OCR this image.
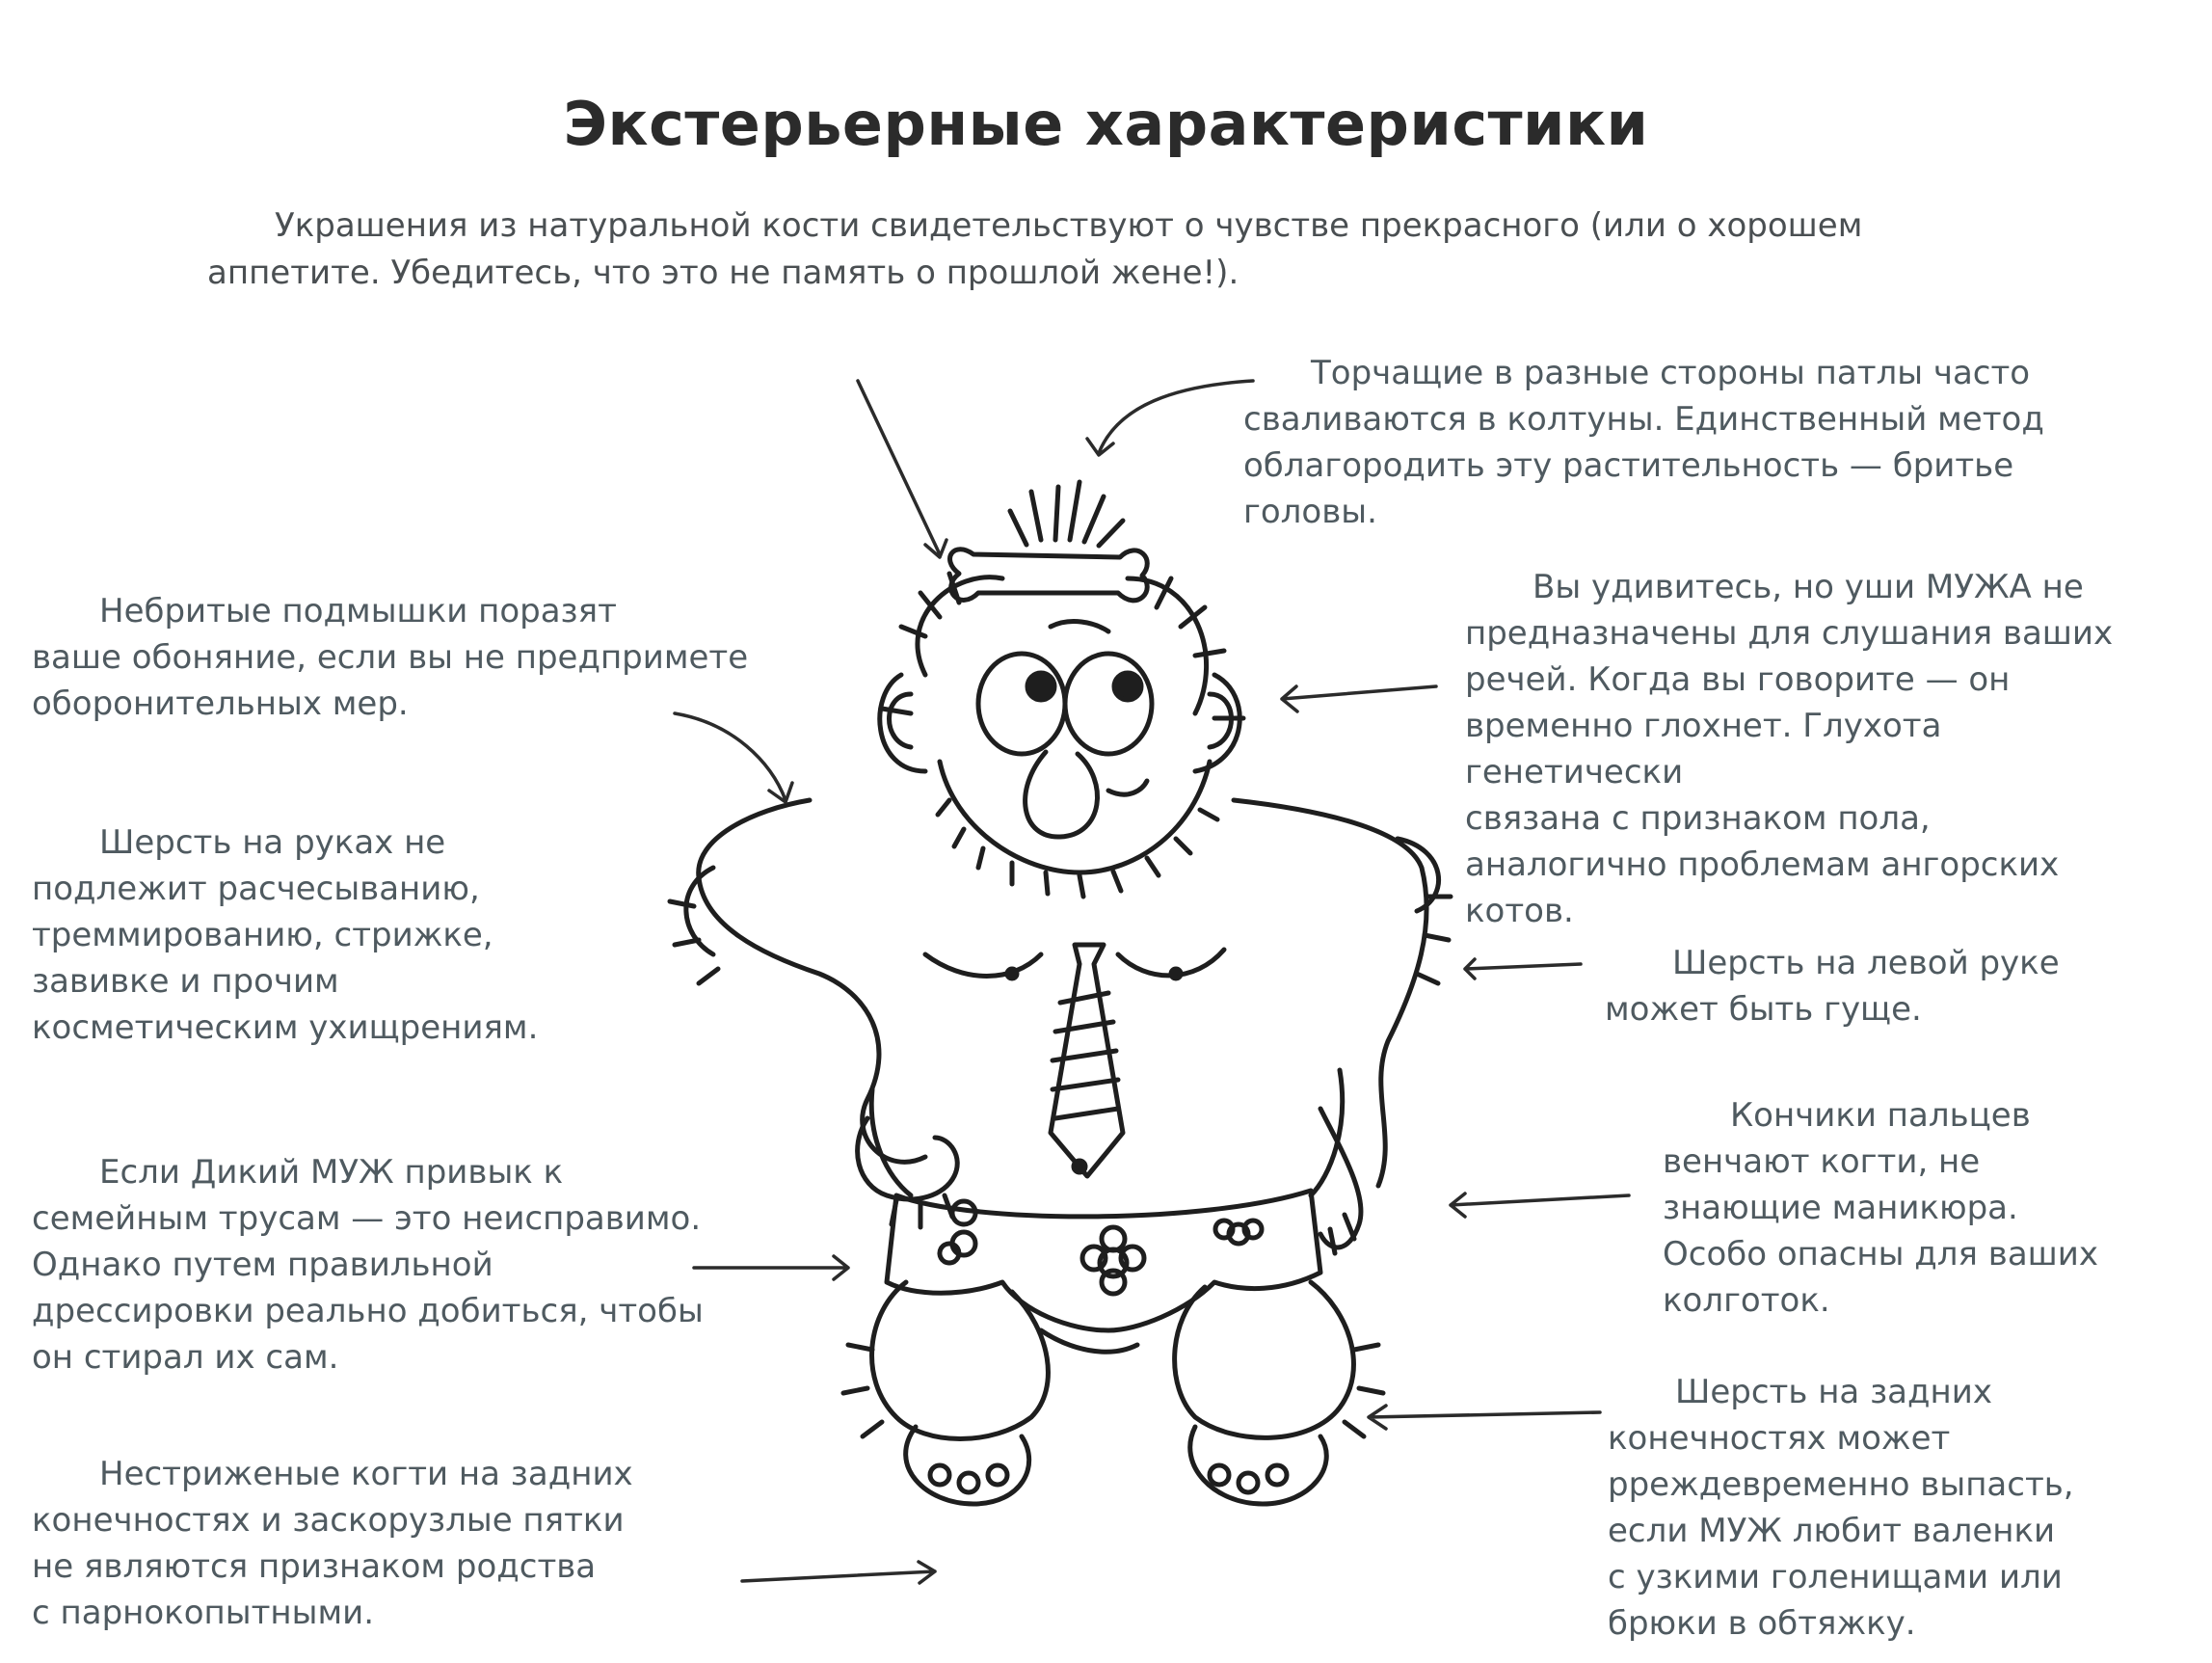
Экстерьерные характеристики

Украшения из натуральной кости свидетельствуют о чувстве прекрасного (или о хорошем аппетите. Убедитесь, что это не память о прошлой жене!).

Торчащие в разные стороны патлы часто
сваливаются в колтуны. Единственный метод
облагородить эту растительность — бритье
головы.

Вы удивитесь, но уши МУЖА не
предназначены для слушания ваших
речей. Когда вы говорите — он
временно глохнет. Глухота генетически
связана с признаком пола,
аналогично проблемам ангорских
котов.

Шерсть на левой руке
может быть гуще.

Кончики пальцев
венчают когти, не
знающие маникюра.
Особо опасны для ваших
колготок.

Шерсть на задних
конечностях может
pреждевременно выпасть,
если МУЖ любит валенки
с узкими голенищами или
брюки в обтяжку.

Небритые подмышки поразят
ваше обоняние, если вы не предпримете
оборонительных мер.

Шерсть на руках не
подлежит расчесыванию,
треммированию, стрижке,
завивке и прочим
косметическим ухищрениям.

Если Дикий МУЖ привык к
семейным трусам — это неисправимо.
Однако путем правильной
дрессировки реально добиться, чтобы
он стирал их сам.

Нестриженые когти на задних
конечностях и заскорузлые пятки
не являются признаком родства
с парнокопытными.
